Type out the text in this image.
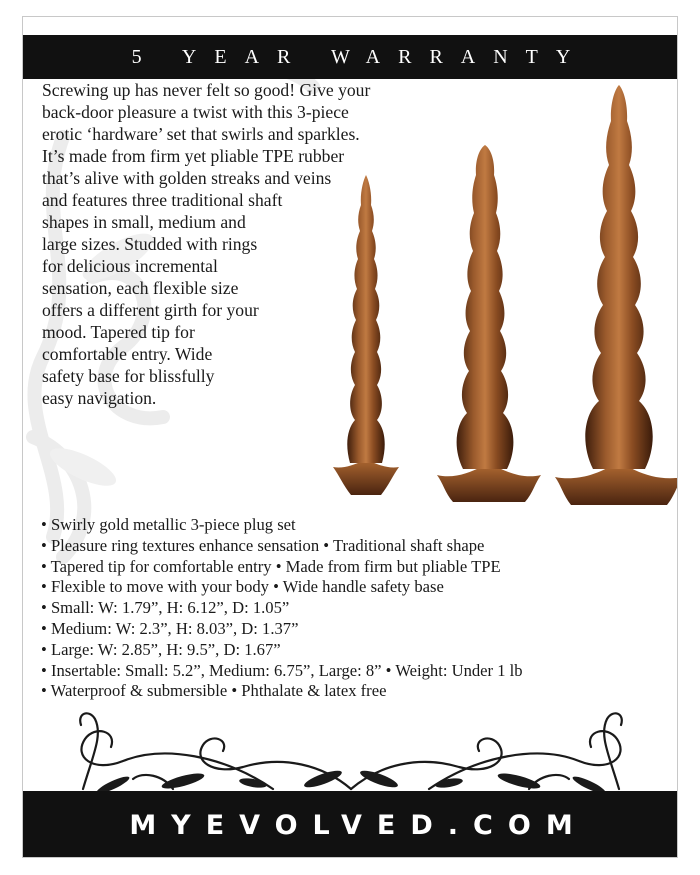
5 YEAR WARRANTY
Screwing up has never felt so good! Give your
back-door pleasure a twist with this 3-piece
erotic ‘hardware’ set that swirls and sparkles.
It’s made from firm yet pliable TPE rubber
that’s alive with golden streaks and veins
and features three traditional shaft
shapes in small, medium and
large sizes. Studded with rings
for delicious incremental
sensation, each flexible size
offers a different girth for your
mood. Tapered tip for
comfortable entry. Wide
safety base for blissfully
easy navigation.
• Swirly gold metallic 3-piece plug set
• Pleasure ring textures enhance sensation • Traditional shaft shape
• Tapered tip for comfortable entry • Made from firm but pliable TPE
• Flexible to move with your body • Wide handle safety base
• Small: W: 1.79”, H: 6.12”, D: 1.05”
• Medium: W: 2.3”, H: 8.03”, D: 1.37”
• Large: W: 2.85”, H: 9.5”, D: 1.67”
• Insertable: Small: 5.2”, Medium: 6.75”, Large: 8” • Weight: Under 1 lb
• Waterproof & submersible • Phthalate & latex free
MYEVOLVED.COM
